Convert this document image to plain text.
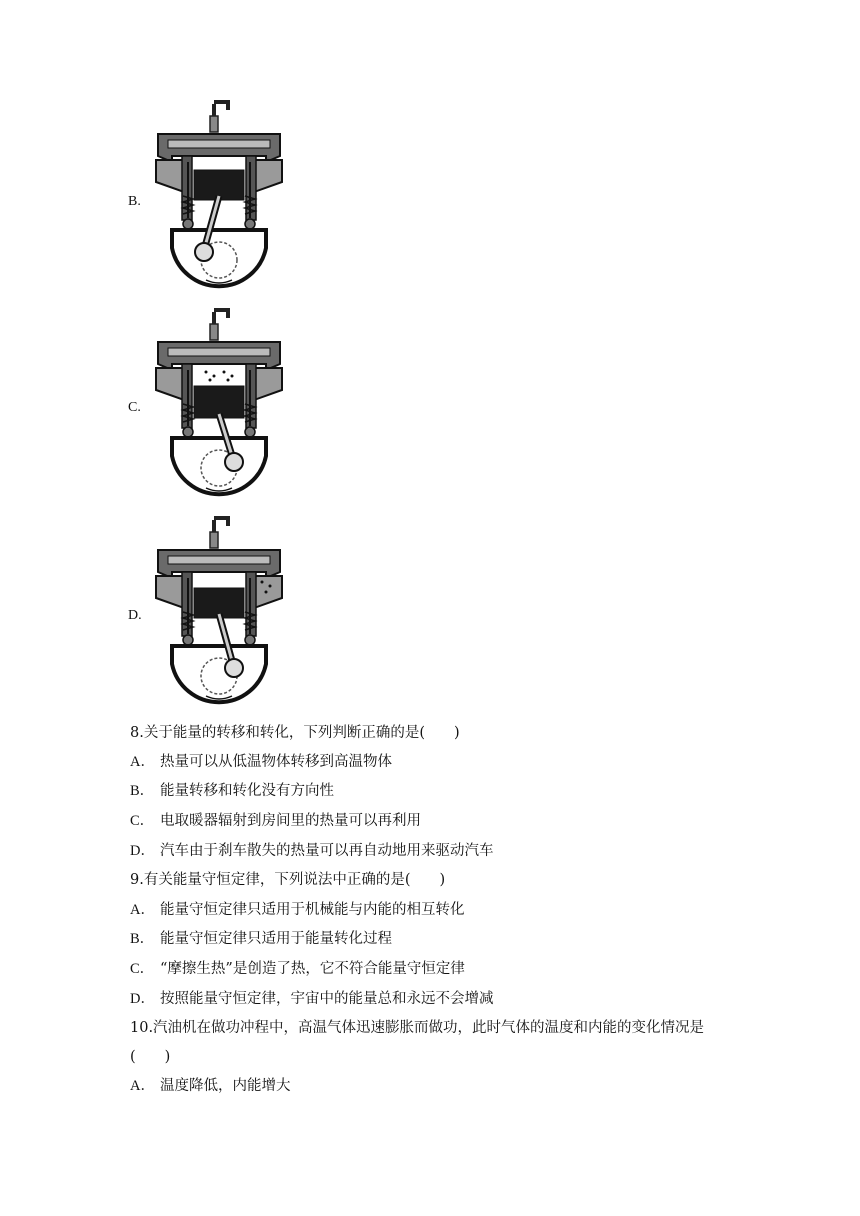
B.
C.
D.
8.关于能量的转移和转化，下列判断正确的是(　　)
A． 热量可以从低温物体转移到高温物体
B． 能量转移和转化没有方向性
C． 电取暖器辐射到房间里的热量可以再利用
D． 汽车由于刹车散失的热量可以再自动地用来驱动汽车
9.有关能量守恒定律，下列说法中正确的是(　　)
A． 能量守恒定律只适用于机械能与内能的相互转化
B． 能量守恒定律只适用于能量转化过程
C． “摩擦生热”是创造了热，它不符合能量守恒定律
D． 按照能量守恒定律，宇宙中的能量总和永远不会增减
10.汽油机在做功冲程中，高温气体迅速膨胀而做功，此时气体的温度和内能的变化情况是
(　　)
A． 温度降低，内能增大
